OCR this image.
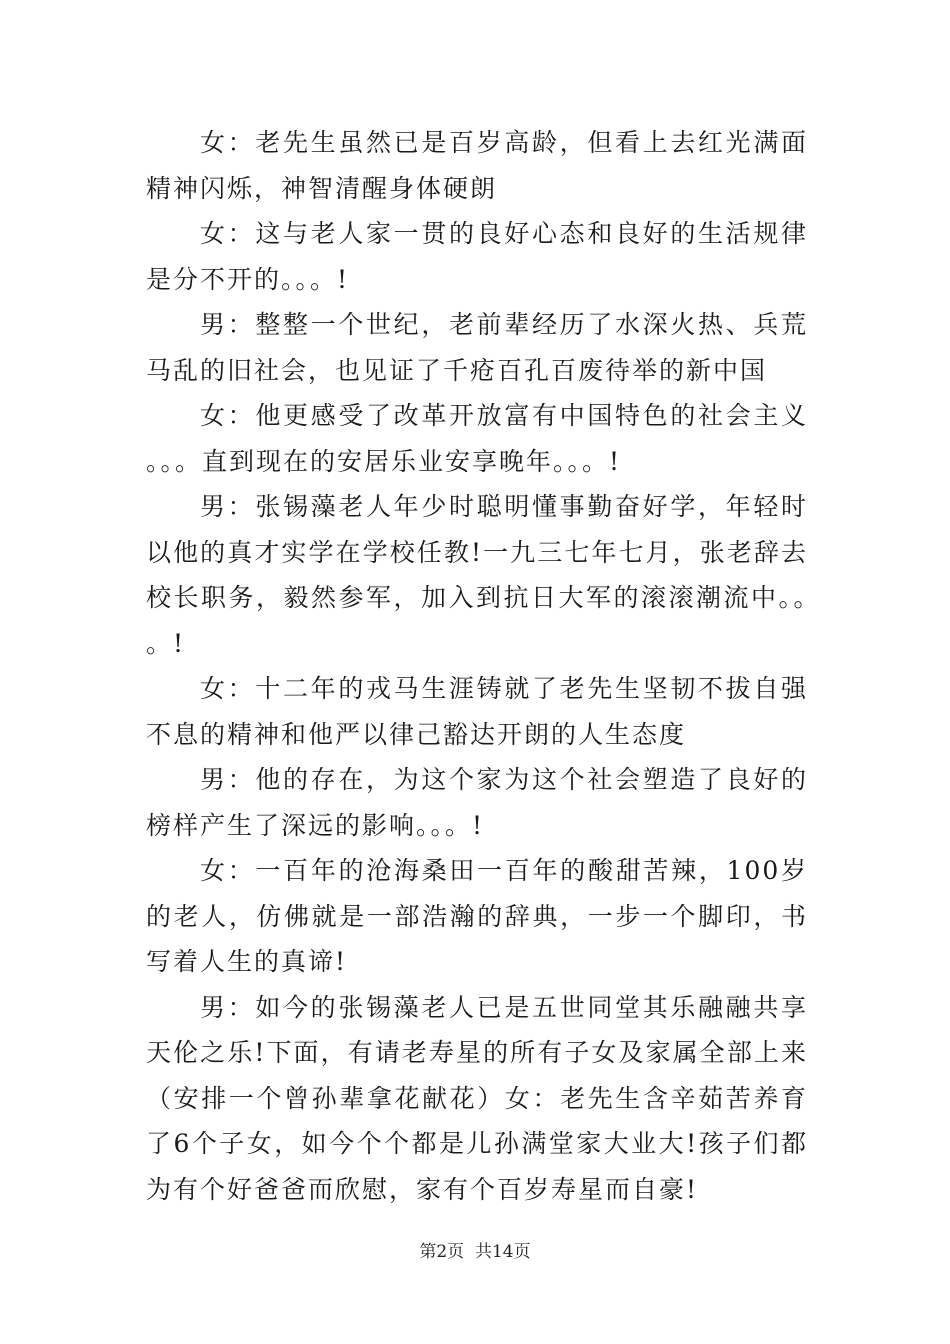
女：老先生虽然已是百岁高龄，但看上去红光满面精神闪烁，神智清醒身体硬朗

女：这与老人家一贯的良好心态和良好的生活规律是分不开的。。。!

男：整整一个世纪，老前辈经历了水深火热、兵荒马乱的旧社会，也见证了千疮百孔百废待举的新中国

女：他更感受了改革开放富有中国特色的社会主义。。。直到现在的安居乐业安享晚年。。。!

男：张锡藻老人年少时聪明懂事勤奋好学，年轻时以他的真才实学在学校任教!一九三七年七月，张老辞去校长职务，毅然参军，加入到抗日大军的滚滚潮流中。。。!

女：十二年的戎马生涯铸就了老先生坚韧不拔自强不息的精神和他严以律己豁达开朗的人生态度

男：他的存在，为这个家为这个社会塑造了良好的榜样产生了深远的影响。。。!

女：一百年的沧海桑田一百年的酸甜苦辣，100岁的老人，仿佛就是一部浩瀚的辞典，一步一个脚印，书写着人生的真谛!

男：如今的张锡藻老人已是五世同堂其乐融融共享天伦之乐!下面，有请老寿星的所有子女及家属全部上来（安排一个曾孙辈拿花献花）女：老先生含辛茹苦养育了6个子女，如今个个都是儿孙满堂家大业大!孩子们都为有个好爸爸而欣慰，家有个百岁寿星而自豪!

第2页  共14页
